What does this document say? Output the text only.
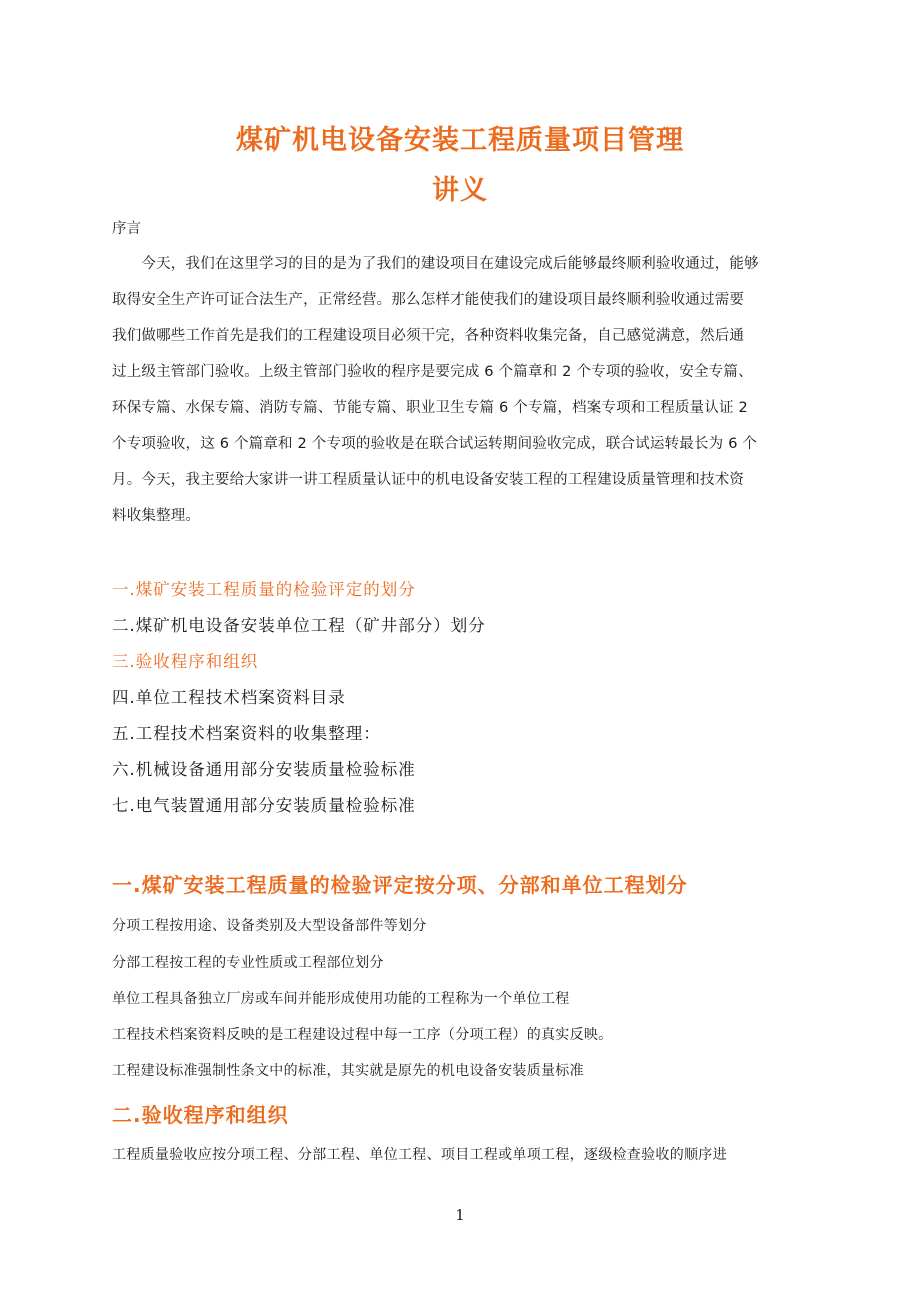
煤矿机电设备安装工程质量项目管理
讲义

序言

　　今天，我们在这里学习的目的是为了我们的建设项目在建设完成后能够最终顺利验收通过，能够

取得安全生产许可证合法生产，正常经营。那么怎样才能使我们的建设项目最终顺利验收通过需要

我们做哪些工作首先是我们的工程建设项目必须干完，各种资料收集完备，自己感觉满意，然后通

过上级主管部门验收。上级主管部门验收的程序是要完成 6 个篇章和 2 个专项的验收，安全专篇、

环保专篇、水保专篇、消防专篇、节能专篇、职业卫生专篇 6 个专篇，档案专项和工程质量认证 2

个专项验收，这 6 个篇章和 2 个专项的验收是在联合试运转期间验收完成，联合试运转最长为 6 个

月。今天，我主要给大家讲一讲工程质量认证中的机电设备安装工程的工程建设质量管理和技术资

料收集整理。

一.煤矿安装工程质量的检验评定的划分

二.煤矿机电设备安装单位工程（矿井部分）划分

三.验收程序和组织

四.单位工程技术档案资料目录

五.工程技术档案资料的收集整理：

六.机械设备通用部分安装质量检验标准

七.电气装置通用部分安装质量检验标准

一.煤矿安装工程质量的检验评定按分项、分部和单位工程划分

分项工程按用途、设备类别及大型设备部件等划分

分部工程按工程的专业性质或工程部位划分

单位工程具备独立厂房或车间并能形成使用功能的工程称为一个单位工程

工程技术档案资料反映的是工程建设过程中每一工序（分项工程）的真实反映。

工程建设标准强制性条文中的标准，其实就是原先的机电设备安装质量标准

二.验收程序和组织

工程质量验收应按分项工程、分部工程、单位工程、项目工程或单项工程，逐级检查验收的顺序进

1
